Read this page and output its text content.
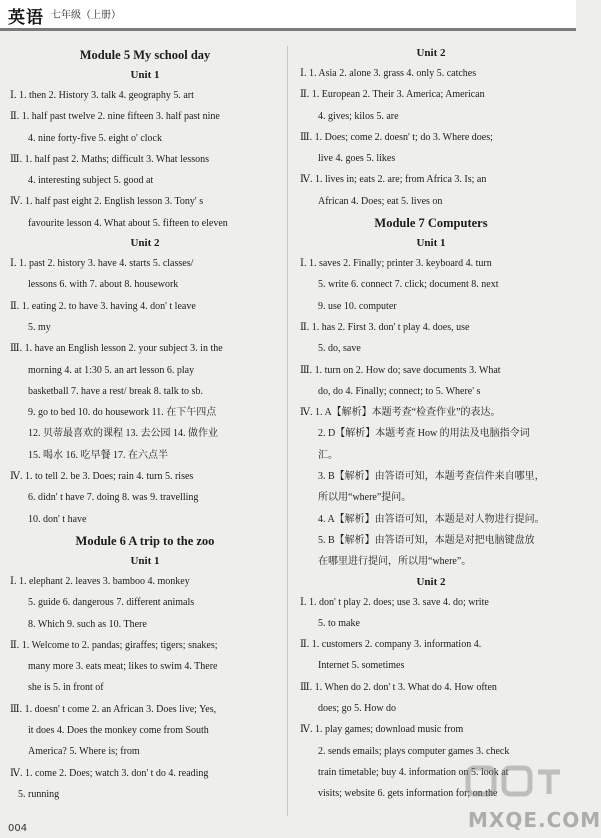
英语 七年级（上册）
Module 5 My school day
Unit 1
Ⅰ. 1. then 2. History 3. talk 4. geography 5. art
Ⅱ. 1. half past twelve 2. nine fifteen 3. half past nine
4. nine forty-five 5. eight o' clock
Ⅲ. 1. half past 2. Maths; difficult 3. What lessons
4. interesting subject 5. good at
Ⅳ. 1. half past eight 2. English lesson 3. Tony' s
favourite lesson 4. What about 5. fifteen to eleven
Unit 2
Ⅰ. 1. past 2. history 3. have 4. starts 5. classes/
lessons 6. with 7. about 8. housework
Ⅱ. 1. eating 2. to have 3. having 4. don' t leave
5. my
Ⅲ. 1. have an English lesson 2. your subject 3. in the
morning 4. at 1:30 5. an art lesson 6. play
basketball 7. have a rest/ break 8. talk to sb.
9. go to bed 10. do housework 11. 在下午四点
12. 贝蒂最喜欢的课程 13. 去公园 14. 做作业
15. 喝水 16. 吃早餐 17. 在六点半
Ⅳ. 1. to tell 2. be 3. Does; rain 4. turn 5. rises
6. didn' t have 7. doing 8. was 9. travelling
10. don' t have
Module 6 A trip to the zoo
Unit 1
Ⅰ. 1. elephant 2. leaves 3. bamboo 4. monkey
5. guide 6. dangerous 7. different animals
8. Which 9. such as 10. There
Ⅱ. 1. Welcome to 2. pandas; giraffes; tigers; snakes;
many more 3. eats meat; likes to swim 4. There
she is 5. in front of
Ⅲ. 1. doesn' t come 2. an African 3. Does live; Yes,
it does 4. Does the monkey come from South
America? 5. Where is; from
Ⅳ. 1. come 2. Does; watch 3. don' t do 4. reading
5. running
Unit 2
Ⅰ. 1. Asia 2. alone 3. grass 4. only 5. catches
Ⅱ. 1. European 2. Their 3. America; American
4. gives; kilos 5. are
Ⅲ. 1. Does; come 2. doesn' t; do 3. Where does;
live 4. goes 5. likes
Ⅳ. 1. lives in; eats 2. are; from Africa 3. Is; an
African 4. Does; eat 5. lives on
Module 7 Computers
Unit 1
Ⅰ. 1. saves 2. Finally; printer 3. keyboard 4. turn
5. write 6. connect 7. click; document 8. next
9. use 10. computer
Ⅱ. 1. has 2. First 3. don' t play 4. does, use
5. do, save
Ⅲ. 1. turn on 2. How do; save documents 3. What
do, do 4. Finally; connect; to 5. Where' s
Ⅳ. 1. A【解析】本题考查“检查作业”的表达。
2. D【解析】本题考查 How 的用法及电脑指令词
汇。
3. B【解析】由答语可知，本题考查信件来自哪里，
所以用“where”提问。
4. A【解析】由答语可知，本题是对人物进行提问。
5. B【解析】由答语可知，本题是对把电脑键盘放
在哪里进行提问，所以用“where”。
Unit 2
Ⅰ. 1. don' t play 2. does; use 3. save 4. do; write
5. to make
Ⅱ. 1. customers 2. company 3. information 4.
Internet 5. sometimes
Ⅲ. 1. When do 2. don' t 3. What do 4. How often
does; go 5. How do
Ⅳ. 1. play games; download music from
2. sends emails; plays computer games 3. check
train timetable; buy 4. information on 5. look at
visits; website 6. gets information for; on the
004	MXQE.COM
